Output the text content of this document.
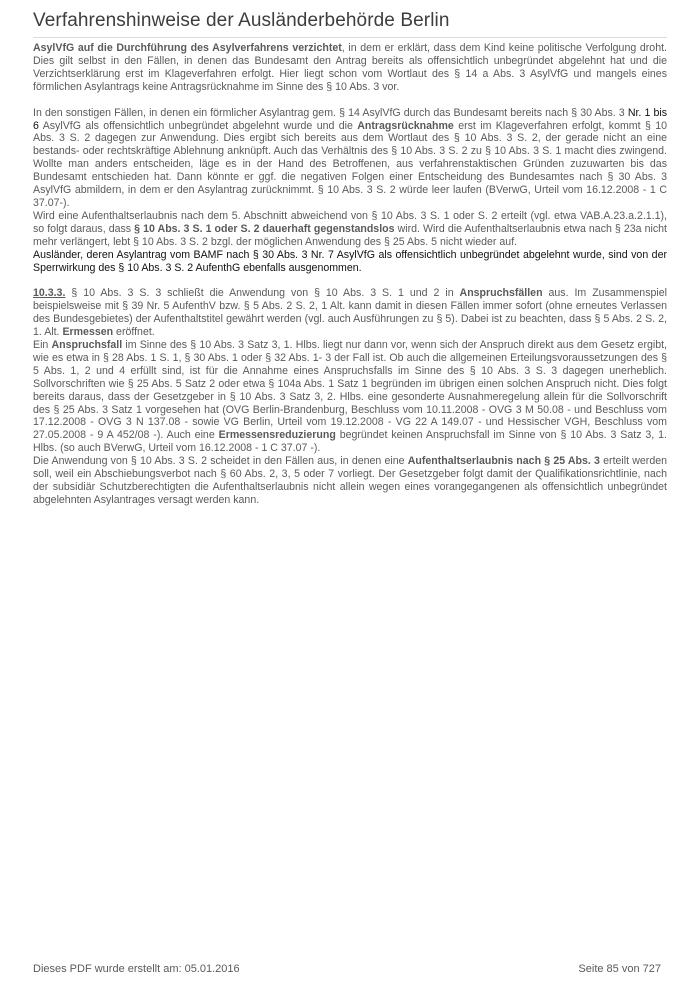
Verfahrenshinweise der Ausländerbehörde Berlin

AsylVfG auf die Durchführung des Asylverfahrens verzichtet, in dem er erklärt, dass dem Kind keine politische Verfolgung droht. Dies gilt selbst in den Fällen, in denen das Bundesamt den Antrag bereits als offensichtlich unbegründet abgelehnt hat und die Verzichtserklärung erst im Klageverfahren erfolgt. Hier liegt schon vom Wortlaut des § 14 a Abs. 3 AsylVfG und mangels eines förmlichen Asylantrags keine Antragsrücknahme im Sinne des § 10 Abs. 3 vor.

In den sonstigen Fällen, in denen ein förmlicher Asylantrag gem. § 14 AsylVfG durch das Bundesamt bereits nach § 30 Abs. 3 Nr. 1 bis 6 AsylVfG als offensichtlich unbegründet abgelehnt wurde und die Antragsrücknahme erst im Klageverfahren erfolgt, kommt § 10 Abs. 3 S. 2 dagegen zur Anwendung. Dies ergibt sich bereits aus dem Wortlaut des § 10 Abs. 3 S. 2, der gerade nicht an eine bestands- oder rechtskräftige Ablehnung anknüpft. Auch das Verhältnis des § 10 Abs. 3 S. 2 zu § 10 Abs. 3 S. 1 macht dies zwingend. Wollte man anders entscheiden, läge es in der Hand des Betroffenen, aus verfahrenstaktischen Gründen zuzuwarten bis das Bundesamt entschieden hat. Dann könnte er ggf. die negativen Folgen einer Entscheidung des Bundesamtes nach § 30 Abs. 3 AsylVfG abmildern, in dem er den Asylantrag zurücknimmt. § 10 Abs. 3 S. 2 würde leer laufen (BVerwG, Urteil vom 16.12.2008 - 1 C 37.07-).

Wird eine Aufenthaltserlaubnis nach dem 5. Abschnitt abweichend von § 10 Abs. 3 S. 1 oder S. 2 erteilt (vgl. etwa VAB.A.23.a.2.1.1), so folgt daraus, dass § 10 Abs. 3 S. 1 oder S. 2 dauerhaft gegenstandslos wird. Wird die Aufenthaltserlaubnis etwa nach § 23a nicht mehr verlängert, lebt § 10 Abs. 3 S. 2 bzgl. der möglichen Anwendung des § 25 Abs. 5 nicht wieder auf.

Ausländer, deren Asylantrag vom BAMF nach § 30 Abs. 3 Nr. 7 AsylVfG als offensichtlich unbegründet abgelehnt wurde, sind von der Sperrwirkung des § 10 Abs. 3 S. 2 AufenthG ebenfalls ausgenommen.

10.3.3. § 10 Abs. 3 S. 3 schließt die Anwendung von § 10 Abs. 3 S. 1 und 2 in Anspruchsfällen aus. Im Zusammenspiel beispielsweise mit § 39 Nr. 5 AufenthV bzw. § 5 Abs. 2 S. 2, 1 Alt. kann damit in diesen Fällen immer sofort (ohne erneutes Verlassen des Bundesgebietes) der Aufenthaltstitel gewährt werden (vgl. auch Ausführungen zu § 5). Dabei ist zu beachten, dass § 5 Abs. 2 S. 2, 1. Alt. Ermessen eröffnet.

Ein Anspruchsfall im Sinne des § 10 Abs. 3 Satz 3, 1. Hlbs. liegt nur dann vor, wenn sich der Anspruch direkt aus dem Gesetz ergibt, wie es etwa in § 28 Abs. 1 S. 1, § 30 Abs. 1 oder § 32 Abs. 1- 3 der Fall ist. Ob auch die allgemeinen Erteilungsvoraussetzungen des § 5 Abs. 1, 2 und 4 erfüllt sind, ist für die Annahme eines Anspruchsfalls im Sinne des § 10 Abs. 3 S. 3 dagegen unerheblich. Sollvorschriften wie § 25 Abs. 5 Satz 2 oder etwa § 104a Abs. 1 Satz 1 begründen im übrigen einen solchen Anspruch nicht. Dies folgt bereits daraus, dass der Gesetzgeber in § 10 Abs. 3 Satz 3, 2. Hlbs. eine gesonderte Ausnahmeregelung allein für die Sollvorschrift des § 25 Abs. 3 Satz 1 vorgesehen hat (OVG Berlin-Brandenburg, Beschluss vom 10.11.2008 - OVG 3 M 50.08 - und Beschluss vom 17.12.2008 - OVG 3 N 137.08 - sowie VG Berlin, Urteil vom 19.12.2008 - VG 22 A 149.07 - und Hessischer VGH, Beschluss vom 27.05.2008 - 9 A 452/08 -). Auch eine Ermessensreduzierung begründet keinen Anspruchsfall im Sinne von § 10 Abs. 3 Satz 3, 1. Hlbs. (so auch BVerwG, Urteil vom 16.12.2008 - 1 C 37.07 -).

Die Anwendung von § 10 Abs. 3 S. 2 scheidet in den Fällen aus, in denen eine Aufenthaltserlaubnis nach § 25 Abs. 3 erteilt werden soll, weil ein Abschiebungsverbot nach § 60 Abs. 2, 3, 5 oder 7 vorliegt. Der Gesetzgeber folgt damit der Qualifikationsrichtlinie, nach der subsidiär Schutzberechtigten die Aufenthaltserlaubnis nicht allein wegen eines vorangegangenen als offensichtlich unbegründet abgelehnten Asylantrages versagt werden kann.

Dieses PDF wurde erstellt am: 05.01.2016	Seite 85 von 727
